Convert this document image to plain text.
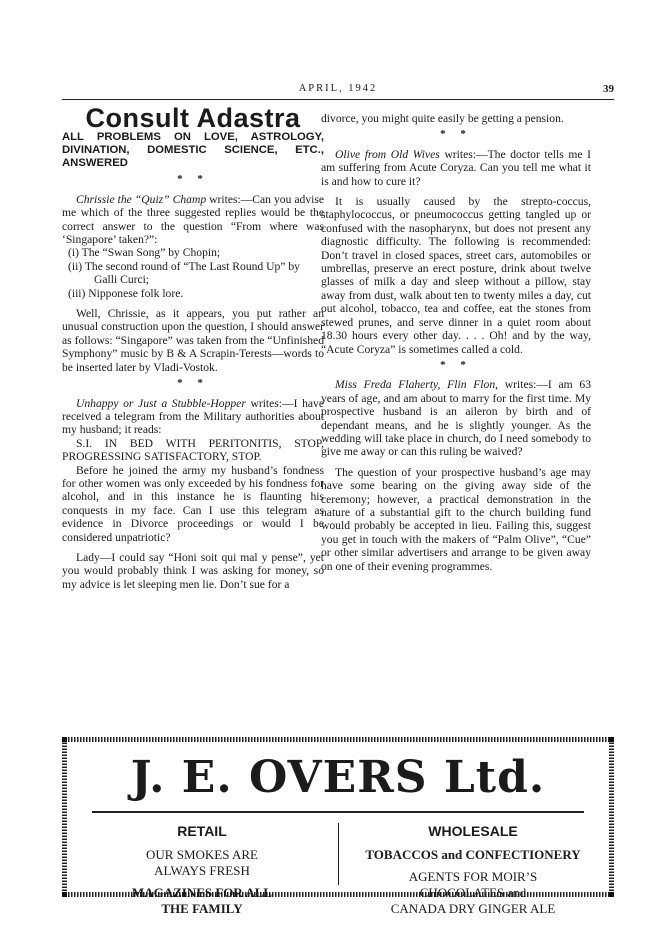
APRIL, 1942	39
Consult Adastra

ALL PROBLEMS ON LOVE, ASTROLOGY, DIVINATION, DOMESTIC SCIENCE, ETC., ANSWERED

* *

Chrissie the “Quiz” Champ writes:—Can you advise me which of the three suggested replies would be the correct answer to the question “From where was ‘Singapore’ taken?”:

(i) The “Swan Song” by Chopin;
(ii) The second round of “The Last Round Up” by Galli Curci;
(iii) Nipponese folk lore.

Well, Chrissie, as it appears, you put rather an unusual construction upon the question, I should answer as follows: “Singapore” was taken from the “Unfinished Symphony” music by B & A Scrapin-Terests—words to be inserted later by Vladi-Vostok.

* *

Unhappy or Just a Stubble-Hopper writes:—I have received a telegram from the Military authorities about my husband; it reads:

S.I. IN BED WITH PERITONITIS, STOP, PROGRESSING SATISFACTORY, STOP.

Before he joined the army my husband’s fondness for other women was only exceeded by his fondness for alcohol, and in this instance he is flaunting his conquests in my face. Can I use this telegram as evidence in Divorce proceedings or would I be considered unpatriotic?

Lady—I could say “Honi soit qui mal y pense”, yet you would probably think I was asking for money, so my advice is let sleeping men lie. Don’t sue for a

divorce, you might quite easily be getting a pension.

* *

Olive from Old Wives writes:—The doctor tells me I am suffering from Acute Coryza. Can you tell me what it is and how to cure it?

It is usually caused by the strepto-coccus, staphylococcus, or pneumococcus getting tangled up or confused with the nasopharynx, but does not present any diagnostic difficulty. The following is recommended: Don’t travel in closed spaces, street cars, automobiles or umbrellas, preserve an erect posture, drink about twelve glasses of milk a day and sleep without a pillow, stay away from dust, walk about ten to twenty miles a day, cut out alcohol, tobacco, tea and coffee, eat the stones from stewed prunes, and serve dinner in a quiet room about 18.30 hours every other day. . . . Oh! and by the way, “Acute Coryza” is sometimes called a cold.

* *

Miss Freda Flaherty, Flin Flon, writes:—I am 63 years of age, and am about to marry for the first time. My prospective husband is an aileron by birth and of dependant means, and he is slightly younger. As the wedding will take place in church, do I need somebody to give me away or can this ruling be waived?

The question of your prospective husband’s age may have some bearing on the giving away side of the ceremony; however, a practical demonstration in the nature of a substantial gift to the church building fund would probably be accepted in lieu. Failing this, suggest you get in touch with the makers of “Palm Olive”, “Cue” or other similar advertisers and arrange to be given away on one of their evening programmes.

J. E. OVERS Ltd.
RETAIL
OUR SMOKES ARE
ALWAYS FRESH
MAGAZINES FOR ALL
THE FAMILY
WHOLESALE
TOBACCOS and CONFECTIONERY
AGENTS FOR MOIR’S
CHOCOLATES and
CANADA DRY GINGER ALE
